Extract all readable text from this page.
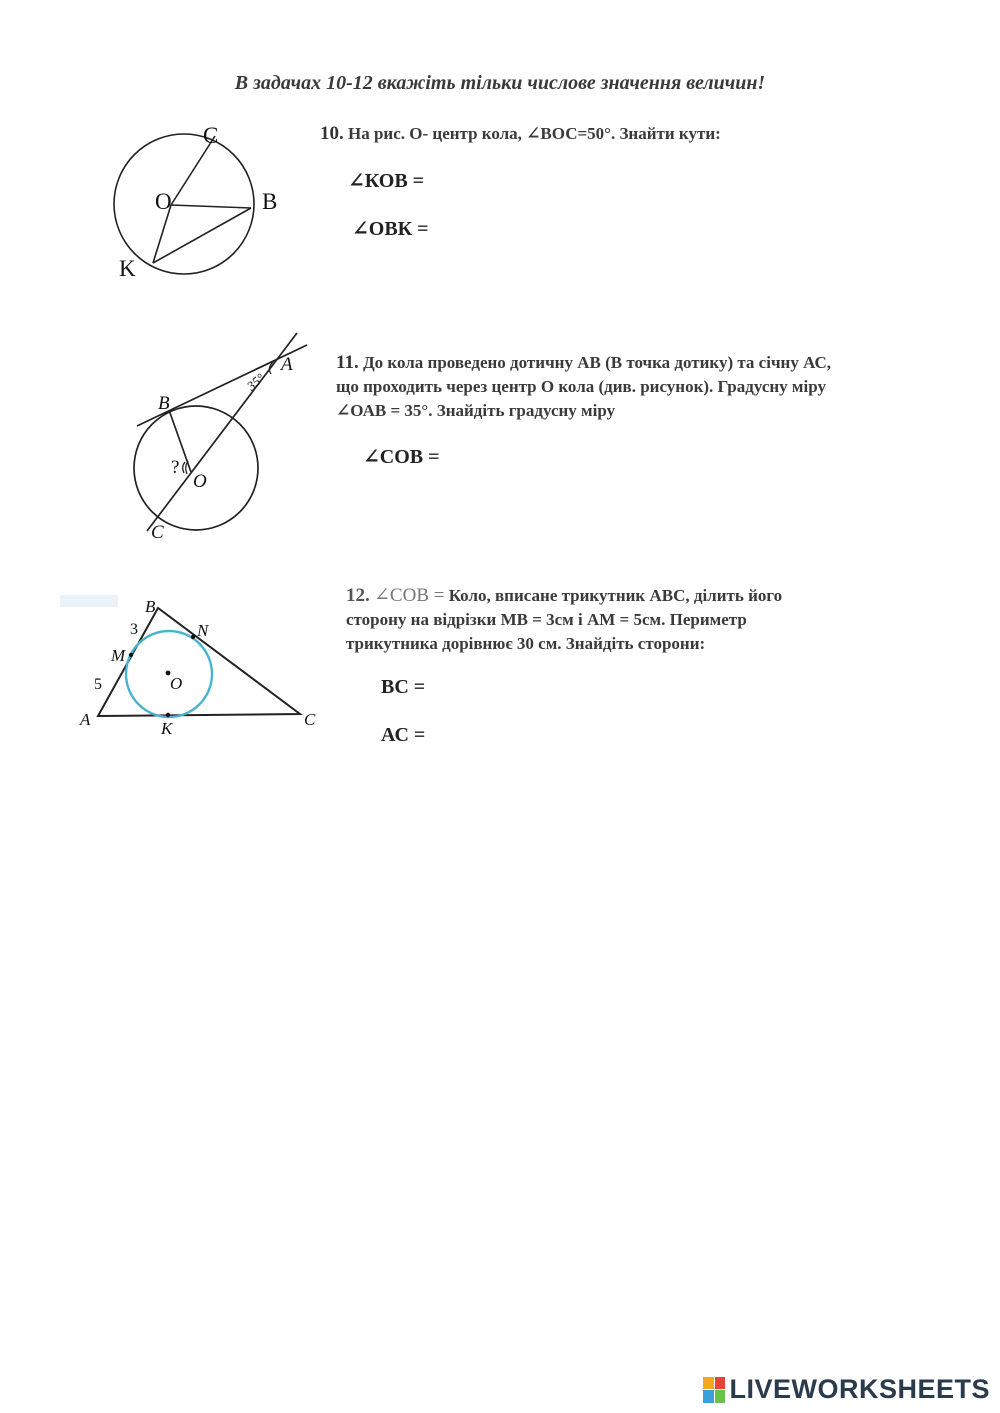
В задачах 10-12 вкажіть тільки числове значення величин!
C
O	B
K
10. На рис. О- центр кола, ∠ВОС=50°. Знайти кути:
∠КОВ =
∠ОВК =
B
A
35°
?
O
C
11. До кола проведено дотичну АВ (В точка дотику) та січну АС,
що проходить через центр О кола (див. рисунок). Градусну міру
∠ОАВ = 35°. Знайдіть градусну міру
∠СОВ =
B
N
3
M
5	O
A	K	C
12. ∠СОВ = Коло, вписане трикутник АВС, ділить його
сторону на відрізки МВ = 3см і АМ = 5см. Периметр
трикутника дорівнює 30 см. Знайдіть сторони:
ВС =
АС =
LIVEWORKSHEETS
